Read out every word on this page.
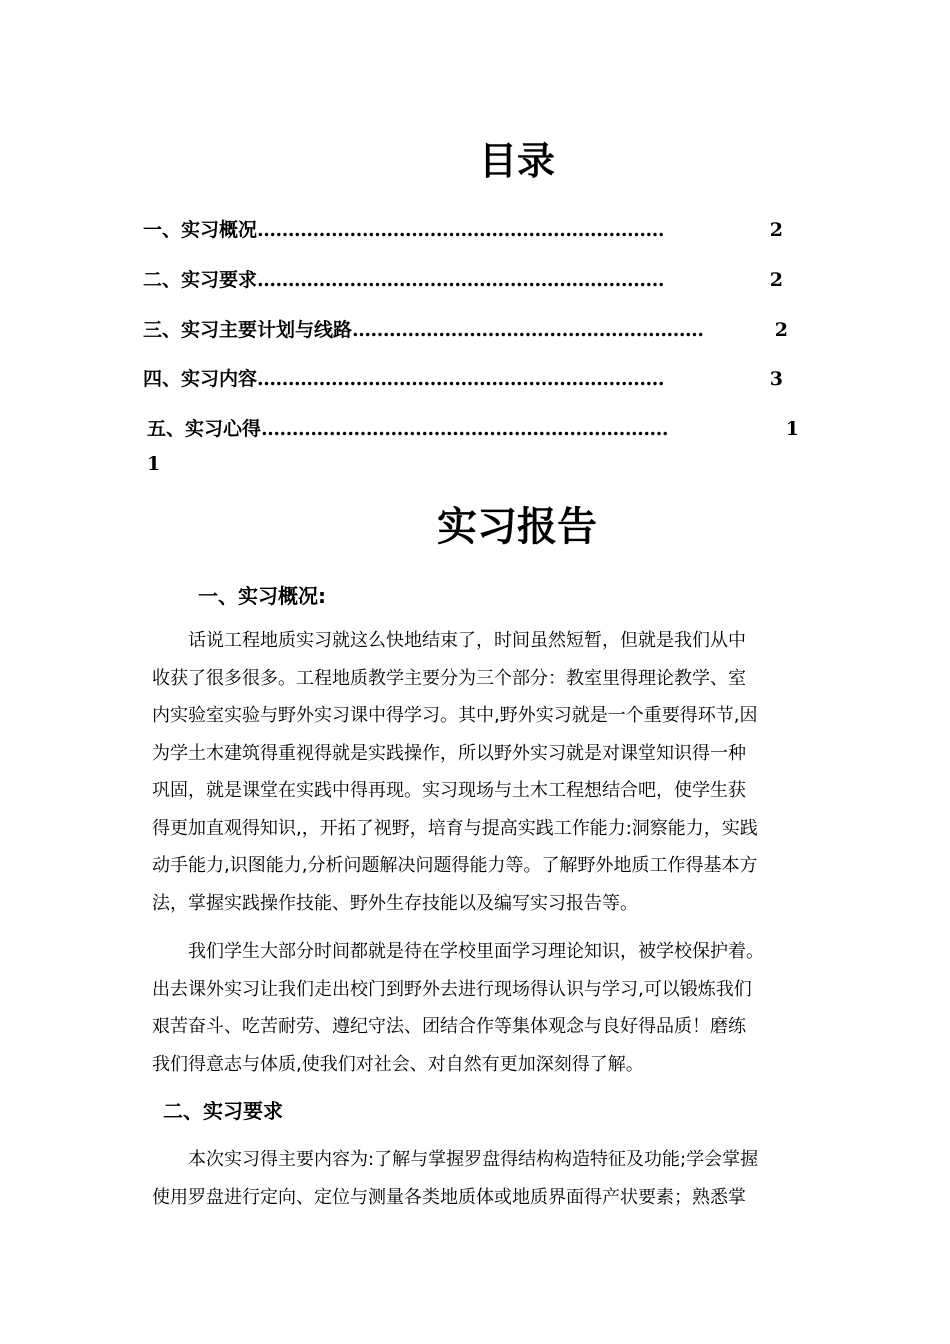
目录
一、实习概况…………………………………………………………	2
二、实习要求…………………………………………………………	2
三、实习主要计划与线路…………………………………………………	2
四、实习内容…………………………………………………………	3
五、实习心得…………………………………………………………	1
1
实习报告
一、实习概况:
话说工程地质实习就这么快地结束了，时间虽然短暂，但就是我们从中
收获了很多很多。工程地质教学主要分为三个部分：教室里得理论教学、室
内实验室实验与野外实习课中得学习。其中,野外实习就是一个重要得环节,因
为学土木建筑得重视得就是实践操作，所以野外实习就是对课堂知识得一种
巩固，就是课堂在实践中得再现。实习现场与土木工程想结合吧，使学生获
得更加直观得知识,，开拓了视野，培育与提高实践工作能力:洞察能力，实践
动手能力,识图能力,分析问题解决问题得能力等。了解野外地质工作得基本方
法，掌握实践操作技能、野外生存技能以及编写实习报告等。
我们学生大部分时间都就是待在学校里面学习理论知识，被学校保护着。
出去课外实习让我们走出校门到野外去进行现场得认识与学习,可以锻炼我们
艰苦奋斗、吃苦耐劳、遵纪守法、团结合作等集体观念与良好得品质！磨练
我们得意志与体质,使我们对社会、对自然有更加深刻得了解。
二、实习要求
本次实习得主要内容为:了解与掌握罗盘得结构构造特征及功能;学会掌握
使用罗盘进行定向、定位与测量各类地质体或地质界面得产状要素；熟悉掌
